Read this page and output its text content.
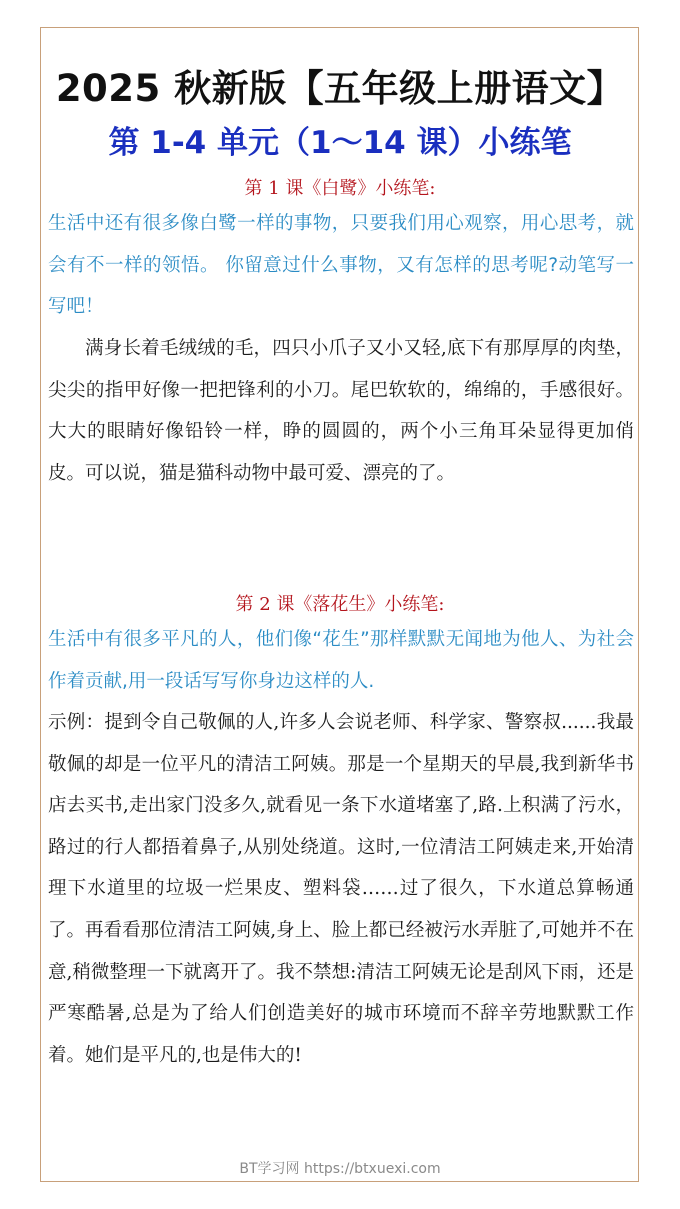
2025 秋新版【五年级上册语文】
第 1-4 单元（1～14 课）小练笔
第 1 课《白鹭》小练笔:

生活中还有很多像白鹭一样的事物，只要我们用心观察，用心思考，就会有不一样的领悟。 你留意过什么事物，又有怎样的思考呢?动笔写一写吧！

满身长着毛绒绒的毛，四只小爪子又小又轻,底下有那厚厚的肉垫，尖尖的指甲好像一把把锋利的小刀。尾巴软软的，绵绵的，手感很好。大大的眼睛好像铅铃一样，睁的圆圆的，两个小三角耳朵显得更加俏皮。可以说，猫是猫科动物中最可爱、漂亮的了。

第 2 课《落花生》小练笔:

生活中有很多平凡的人，他们像“花生”那样默默无闻地为他人、为社会作着贡献,用一段话写写你身边这样的人.

示例：提到令自己敬佩的人,许多人会说老师、科学家、警察叔......我最敬佩的却是一位平凡的清洁工阿姨。那是一个星期天的早晨,我到新华书店去买书,走出家门没多久,就看见一条下水道堵塞了,路.上积满了污水，路过的行人都捂着鼻子,从别处绕道。这时,一位清洁工阿姨走来,开始清理下水道里的垃圾一烂果皮、塑料袋……过了很久，下水道总算畅通了。再看看那位清洁工阿姨,身上、脸上都已经被污水弄脏了,可她并不在意,稍微整理一下就离开了。我不禁想:清洁工阿姨无论是刮风下雨，还是严寒酷暑,总是为了给人们创造美好的城市环境而不辞辛劳地默默工作着。她们是平凡的,也是伟大的!

BT学习网 https://btxuexi.com
